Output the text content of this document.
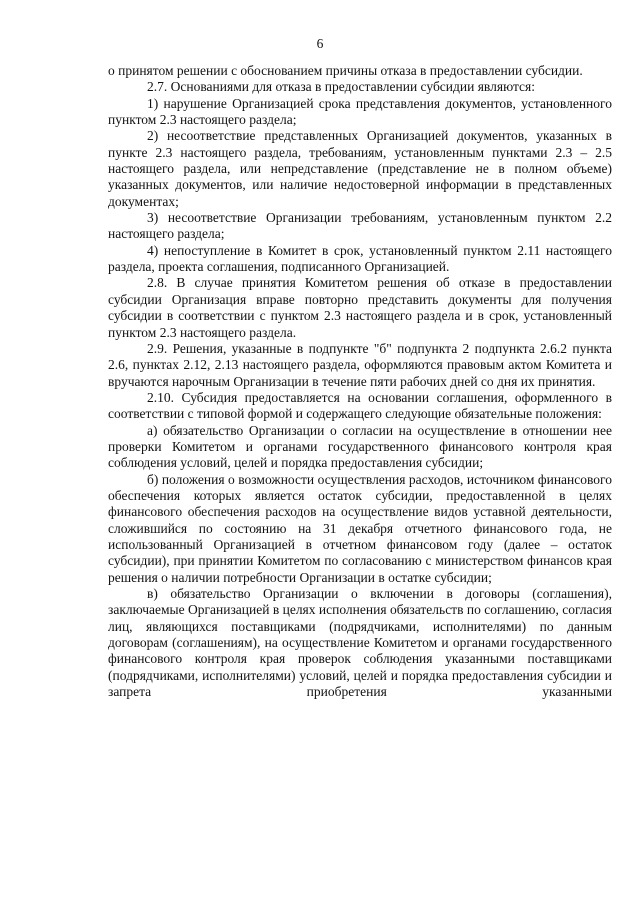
6

о принятом решении с обоснованием причины отказа в предоставлении субсидии.

2.7. Основаниями для отказа в предоставлении субсидии являются:

1) нарушение Организацией срока представления документов, установленного пунктом 2.3 настоящего раздела;

2) несоответствие представленных Организацией документов, указанных в пункте 2.3 настоящего раздела, требованиям, установленным пунктами 2.3 – 2.5 настоящего раздела, или непредставление (представление не в полном объеме) указанных документов, или наличие недостоверной информации в представленных документах;

3) несоответствие Организации требованиям, установленным пунктом 2.2 настоящего раздела;

4) непоступление в Комитет в срок, установленный пунктом 2.11 настоящего раздела, проекта соглашения, подписанного Организацией.

2.8. В случае принятия Комитетом решения об отказе в предоставлении субсидии Организация вправе повторно представить документы для получения субсидии в соответствии с пунктом 2.3 настоящего раздела и в срок, установленный пунктом 2.3 настоящего раздела.

2.9. Решения, указанные в подпункте "б" подпункта 2 подпункта 2.6.2 пункта 2.6, пунктах 2.12, 2.13 настоящего раздела, оформляются правовым актом Комитета и вручаются нарочным Организации в течение пяти рабочих дней со дня их принятия.

2.10. Субсидия предоставляется на основании соглашения, оформленного в соответствии с типовой формой и содержащего следующие обязательные положения:

а) обязательство Организации о согласии на осуществление в отношении нее проверки Комитетом и органами государственного финансового контроля края соблюдения условий, целей и порядка предоставления субсидии;

б) положения о возможности осуществления расходов, источником финансового обеспечения которых является остаток субсидии, предоставленной в целях финансового обеспечения расходов на осуществление видов уставной деятельности, сложившийся по состоянию на 31 декабря отчетного финансового года, не использованный Организацией в отчетном финансовом году (далее – остаток субсидии), при принятии Комитетом по согласованию с министерством финансов края решения о наличии потребности Организации в остатке субсидии;

в) обязательство Организации о включении в договоры (соглашения), заключаемые Организацией в целях исполнения обязательств по соглашению, согласия лиц, являющихся поставщиками (подрядчиками, исполнителями) по данным договорам (соглашениям), на осуществление Комитетом и органами государственного финансового контроля края проверок соблюдения указанными поставщиками (подрядчиками, исполнителями) условий, целей и порядка предоставления субсидии и запрета приобретения указанными
